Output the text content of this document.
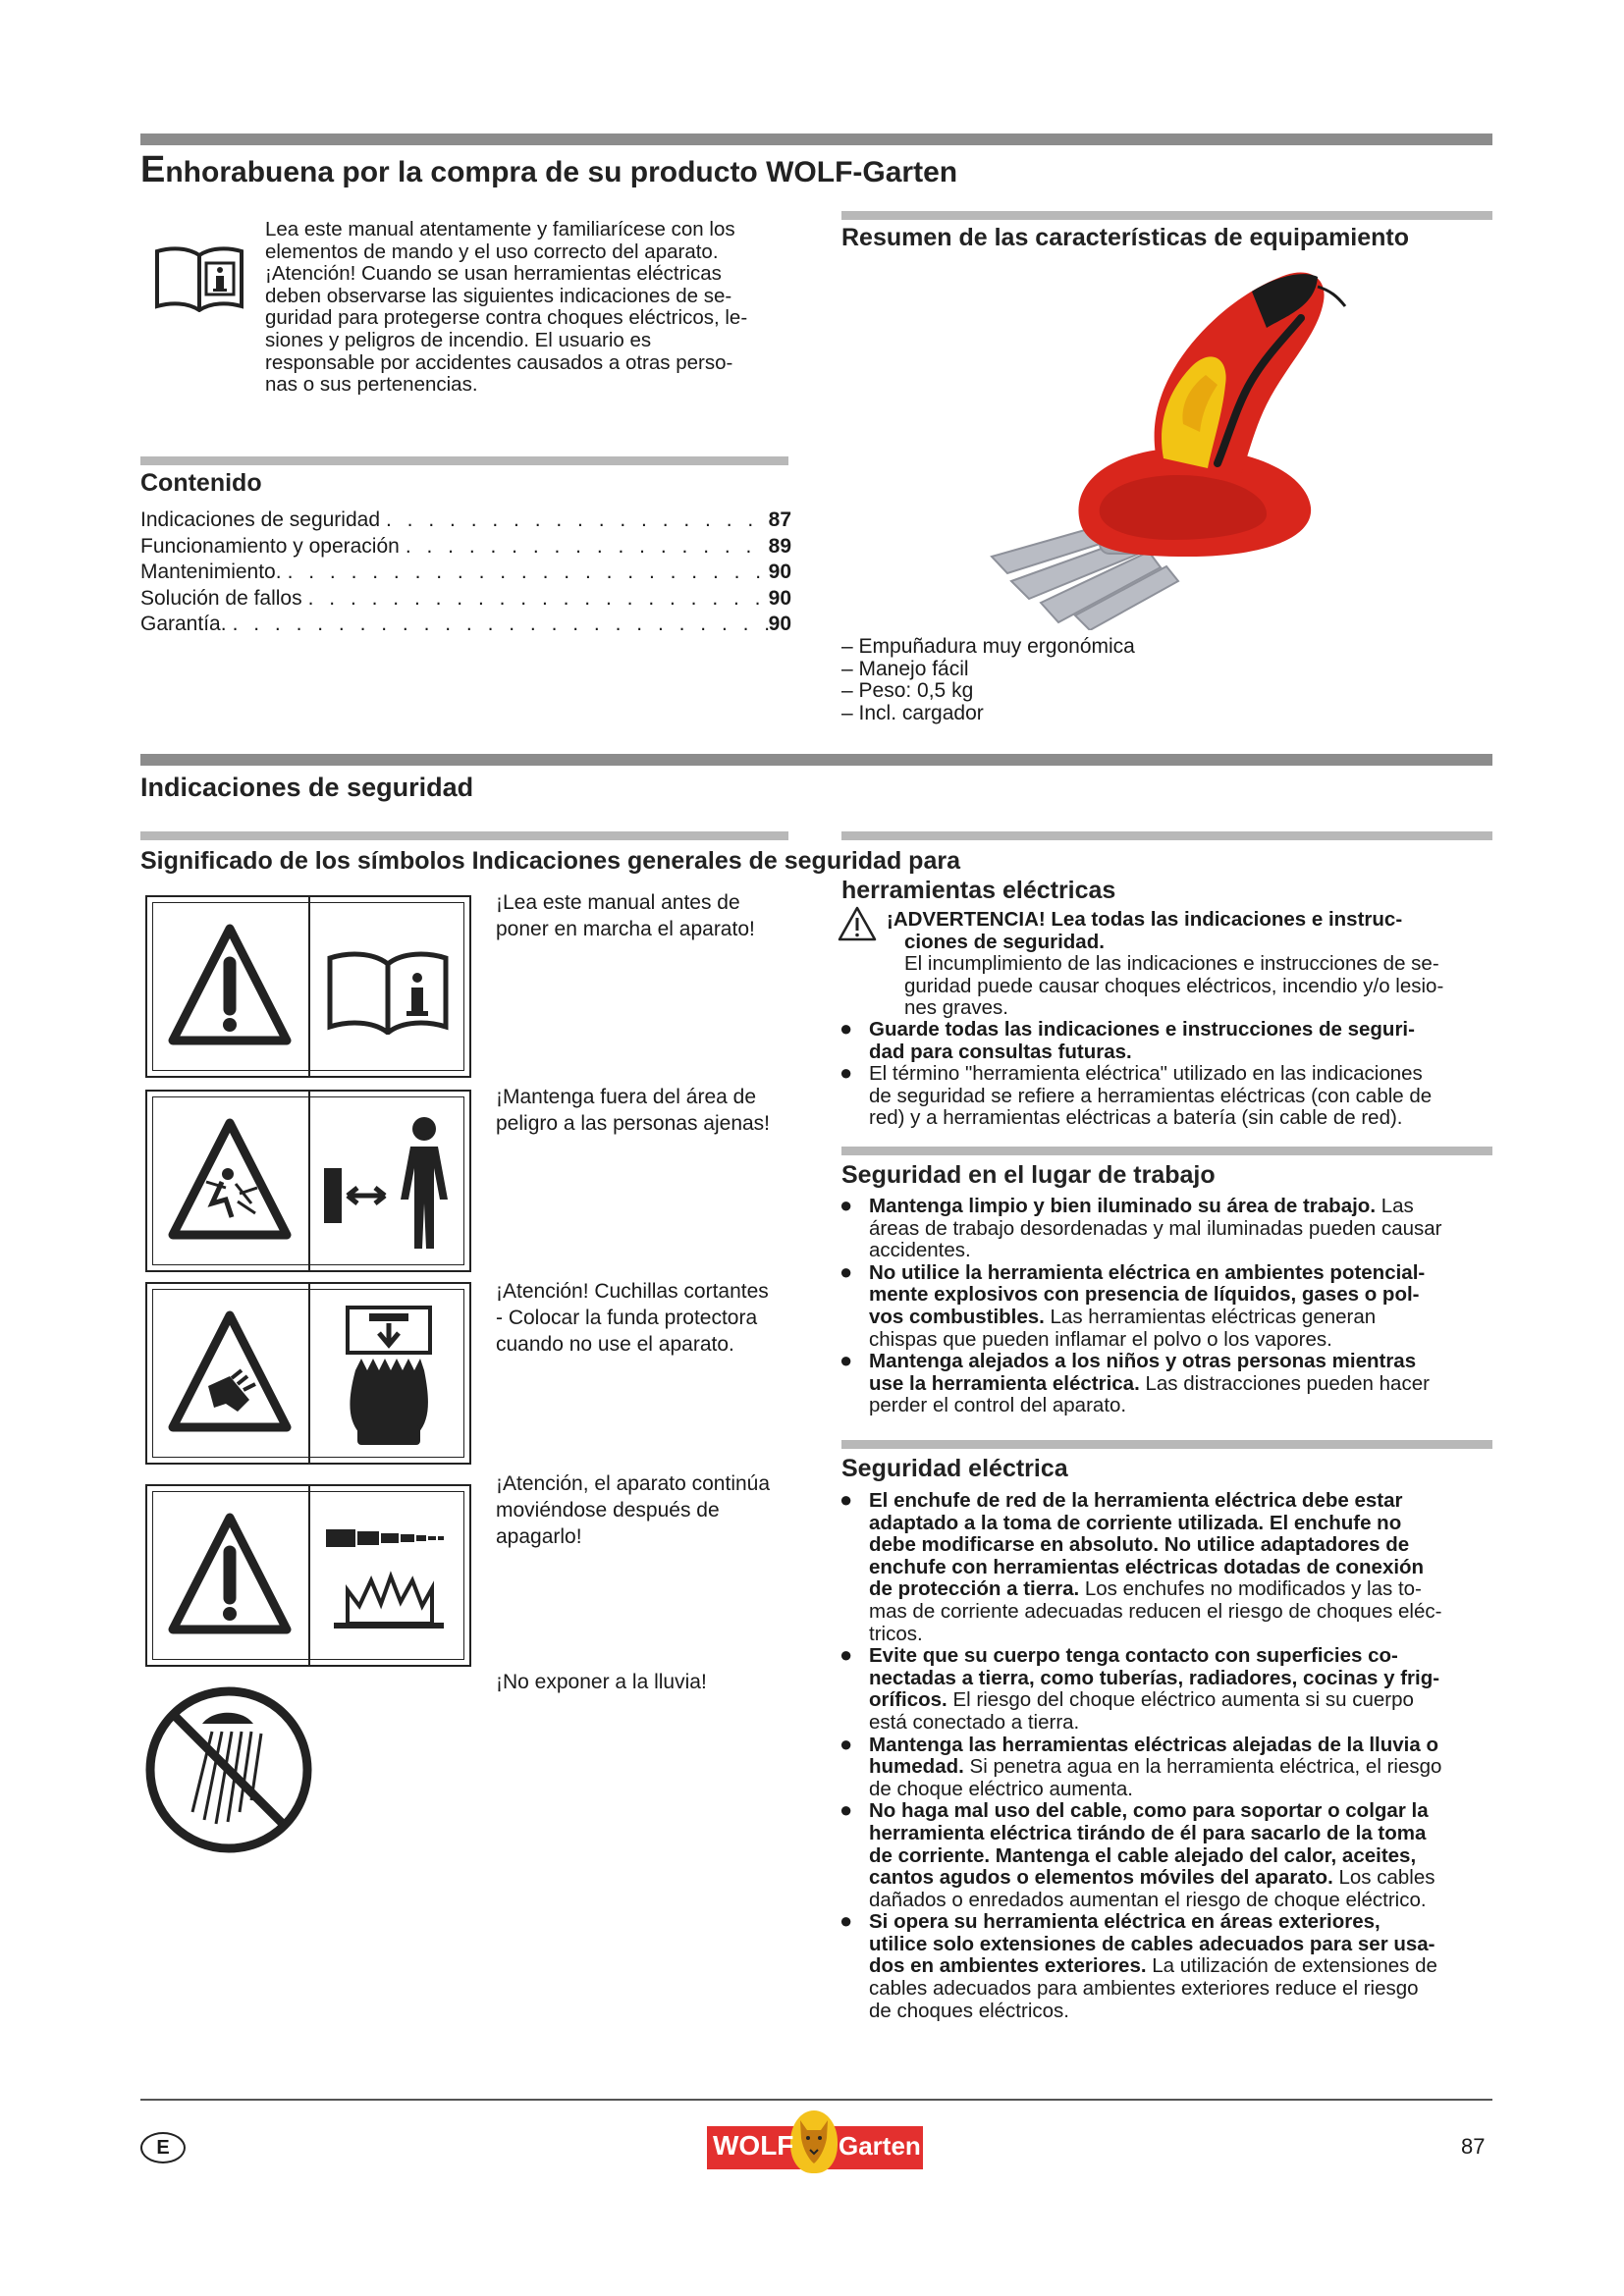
Enhorabuena por la compra de su producto WOLF-Garten
Lea este manual atentamente y familiarícese con los
elementos de mando y el uso correcto del aparato.
¡Atención! Cuando se usan herramientas eléctricas
deben observarse las siguientes indicaciones de se-
guridad para protegerse contra choques eléctricos, le-
siones y peligros de incendio. El usuario es
responsable por accidentes causados a otras perso-
nas o sus pertenencias.
Resumen de las características de equipamiento
– Empuñadura muy ergonómica
– Manejo fácil
– Peso: 0,5 kg
– Incl. cargador
Contenido
Indicaciones de seguridad . . .	87
Funcionamiento y operación . . .	89
Mantenimiento. . . .	90
Solución de fallos . . .	90
Garantía. . . .	90
Indicaciones de seguridad
Significado de los símbolos Indicaciones generales de seguridad para
herramientas eléctricas
¡Lea este manual antes de
poner en marcha el aparato!
¡Mantenga fuera del área de
peligro a las personas ajenas!
¡Atención! Cuchillas cortantes
- Colocar la funda protectora
cuando no use el aparato.
¡Atención, el aparato continúa
moviéndose después de
apagarlo!
¡No exponer a la lluvia!
¡ADVERTENCIA! Lea todas las indicaciones e instruc-
ciones de seguridad.
El incumplimiento de las indicaciones e instrucciones de se-
guridad puede causar choques eléctricos, incendio y/o lesio-
nes graves.
● Guarde todas las indicaciones e instrucciones de seguri-
dad para consultas futuras.
● El término "herramienta eléctrica" utilizado en las indicaciones
de seguridad se refiere a herramientas eléctricas (con cable de
red) y a herramientas eléctricas a batería (sin cable de red).
Seguridad en el lugar de trabajo
● Mantenga limpio y bien iluminado su área de trabajo. Las
áreas de trabajo desordenadas y mal iluminadas pueden causar
accidentes.
● No utilice la herramienta eléctrica en ambientes potencial-
mente explosivos con presencia de líquidos, gases o pol-
vos combustibles. Las herramientas eléctricas generan
chispas que pueden inflamar el polvo o los vapores.
● Mantenga alejados a los niños y otras personas mientras
use la herramienta eléctrica. Las distracciones pueden hacer
perder el control del aparato.
Seguridad eléctrica
● El enchufe de red de la herramienta eléctrica debe estar
adaptado a la toma de corriente utilizada. El enchufe no
debe modificarse en absoluto. No utilice adaptadores de
enchufe con herramientas eléctricas dotadas de conexión
de protección a tierra. Los enchufes no modificados y las to-
mas de corriente adecuadas reducen el riesgo de choques eléc-
tricos.
● Evite que su cuerpo tenga contacto con superficies co-
nectadas a tierra, como tuberías, radiadores, cocinas y frig-
oríficos. El riesgo del choque eléctrico aumenta si su cuerpo
está conectado a tierra.
● Mantenga las herramientas eléctricas alejadas de la lluvia o
humedad. Si penetra agua en la herramienta eléctrica, el riesgo
de choque eléctrico aumenta.
● No haga mal uso del cable, como para soportar o colgar la
herramienta eléctrica tirándo de él para sacarlo de la toma
de corriente. Mantenga el cable alejado del calor, aceites,
cantos agudos o elementos móviles del aparato. Los cables
dañados o enredados aumentan el riesgo de choque eléctrico.
● Si opera su herramienta eléctrica en áreas exteriores,
utilice solo extensiones de cables adecuados para ser usa-
dos en ambientes exteriores. La utilización de extensiones de
cables adecuados para ambientes exteriores reduce el riesgo
de choques eléctricos.
E	WOLF Garten	87
